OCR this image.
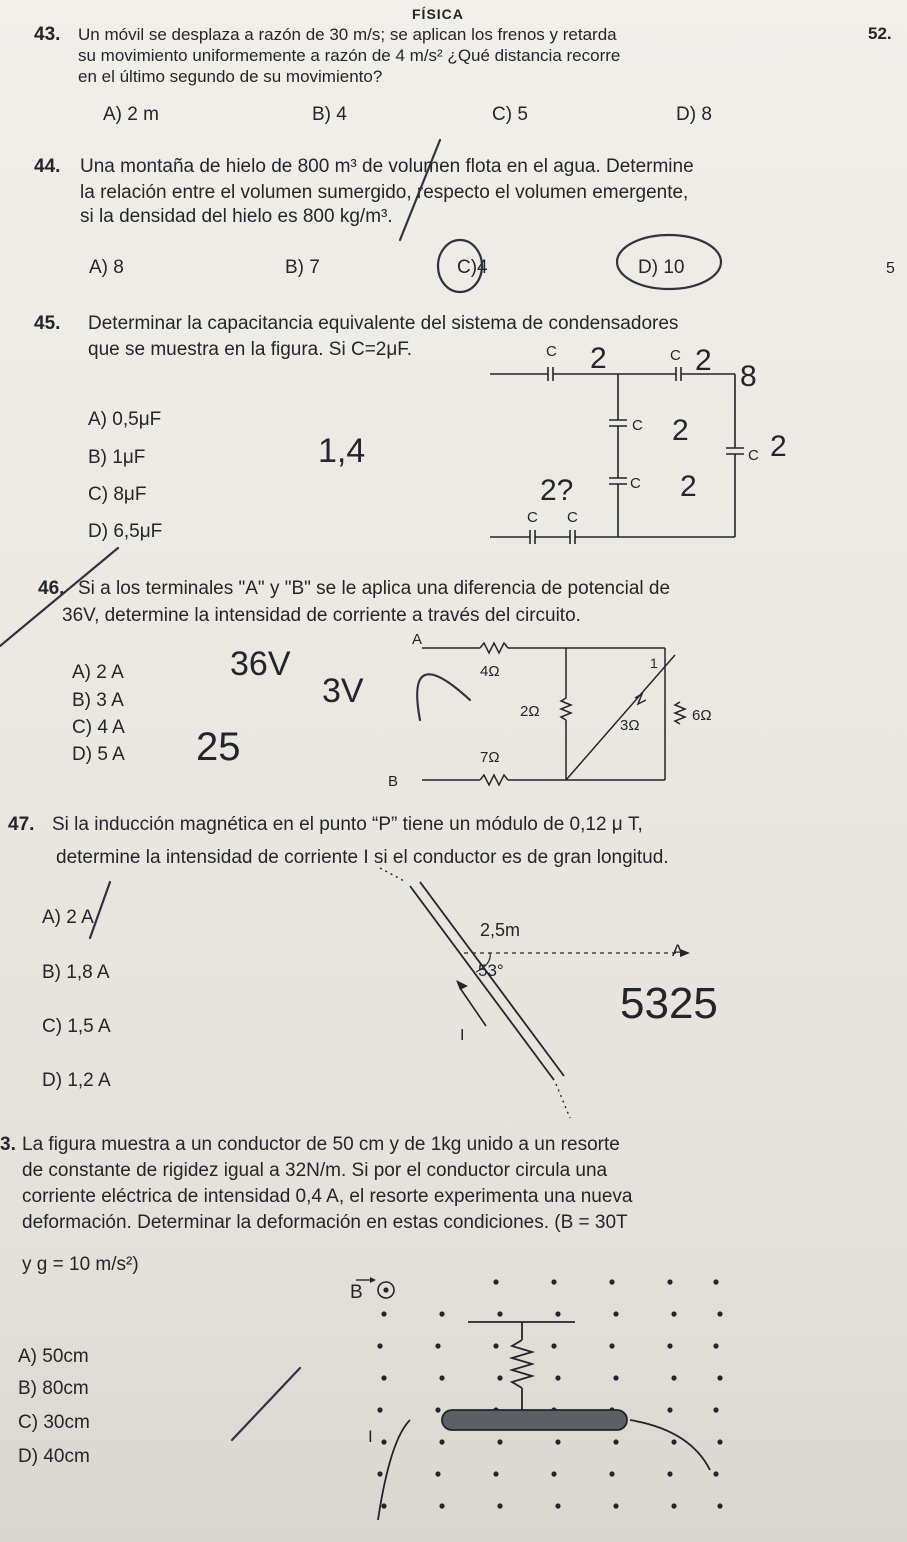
FÍSICA
52.
43. Un móvil se desplaza a razón de 30 m/s; se aplican los frenos y retarda
su movimiento uniformemente a razón de 4 m/s² ¿Qué distancia recorre
en el último segundo de su movimiento?
A) 2 m	B) 4	C) 5	D) 8
44. Una montaña de hielo de 800 m³ de volumen flota en el agua. Determine
la relación entre el volumen sumergido, respecto el volumen emergente,
si la densidad del hielo es 800 kg/m³.
A) 8	B) 7	C)4	D) 10	5
45. Determinar la capacitancia equivalente del sistema de condensadores
que se muestra en la figura. Si C=2μF.
A) 0,5μF
B) 1μF
C) 8μF
D) 6,5μF
C	C
C
C
C
C C
46. Si a los terminales "A" y "B" se le aplica una diferencia de potencial de
36V, determine la intensidad de corriente a través del circuito.
A) 2 A
B) 3 A
C) 4 A
D) 5 A
A
B
4Ω
2Ω
3Ω
6Ω
7Ω
1
47. Si la inducción magnética en el punto “P” tiene un módulo de 0,12 μ T,
determine la intensidad de corriente I si el conductor es de gran longitud.
A) 2 A
B) 1,8 A
C) 1,5 A
D) 1,2 A
2,5m
A
53°
I
3. La figura muestra a un conductor de 50 cm y de 1kg unido a un resorte
de constante de rigidez igual a 32N/m. Si por el conductor circula una
corriente eléctrica de intensidad 0,4 A, el resorte experimenta una nueva
deformación. Determinar la deformación en estas condiciones. (B = 30T
y g = 10 m/s²)
A) 50cm
B) 80cm
C) 30cm
D) 40cm
B
I
36V
3V
25
1,4
5325
2	2 8
2	2
2?	2
